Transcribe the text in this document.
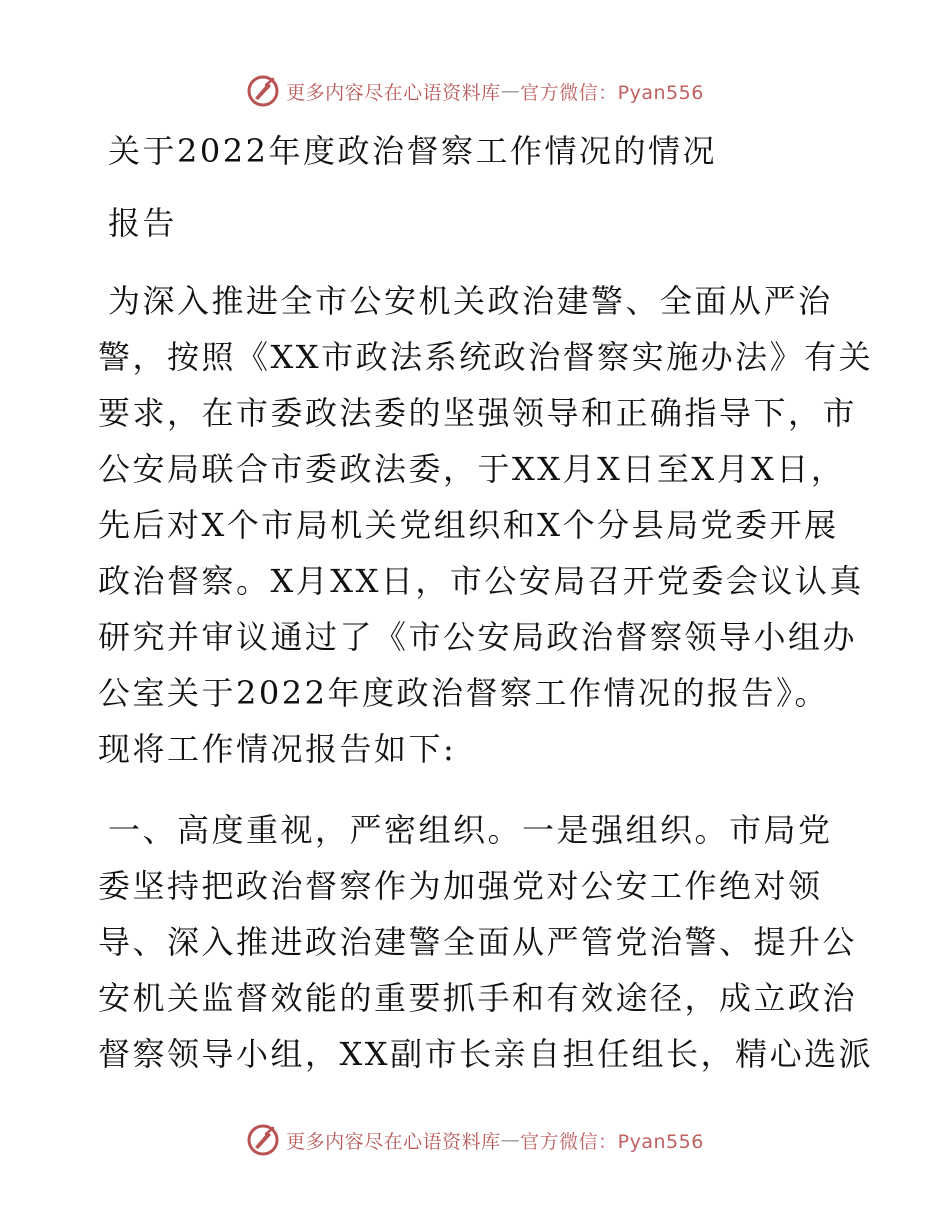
更多内容尽在心语资料库 — 官方微信：Pyan556
关于2022年度政治督察工作情况的情况
报告
为深入推进全市公安机关政治建警、全面从严治
警，按照《XX市政法系统政治督察实施办法》有关
要求，在市委政法委的坚强领导和正确指导下，市
公安局联合市委政法委，于XX月X日至X月X日，
先后对X个市局机关党组织和X个分县局党委开展
政治督察。X月XX日，市公安局召开党委会议认真
研究并审议通过了《市公安局政治督察领导小组办
公室关于2022年度政治督察工作情况的报告》。
现将工作情况报告如下:
一、高度重视，严密组织。一是强组织。市局党
委坚持把政治督察作为加强党对公安工作绝对领
导、深入推进政治建警全面从严管党治警、提升公
安机关监督效能的重要抓手和有效途径，成立政治
督察领导小组，XX副市长亲自担任组长，精心选派
更多内容尽在心语资料库 — 官方微信：Pyan556
